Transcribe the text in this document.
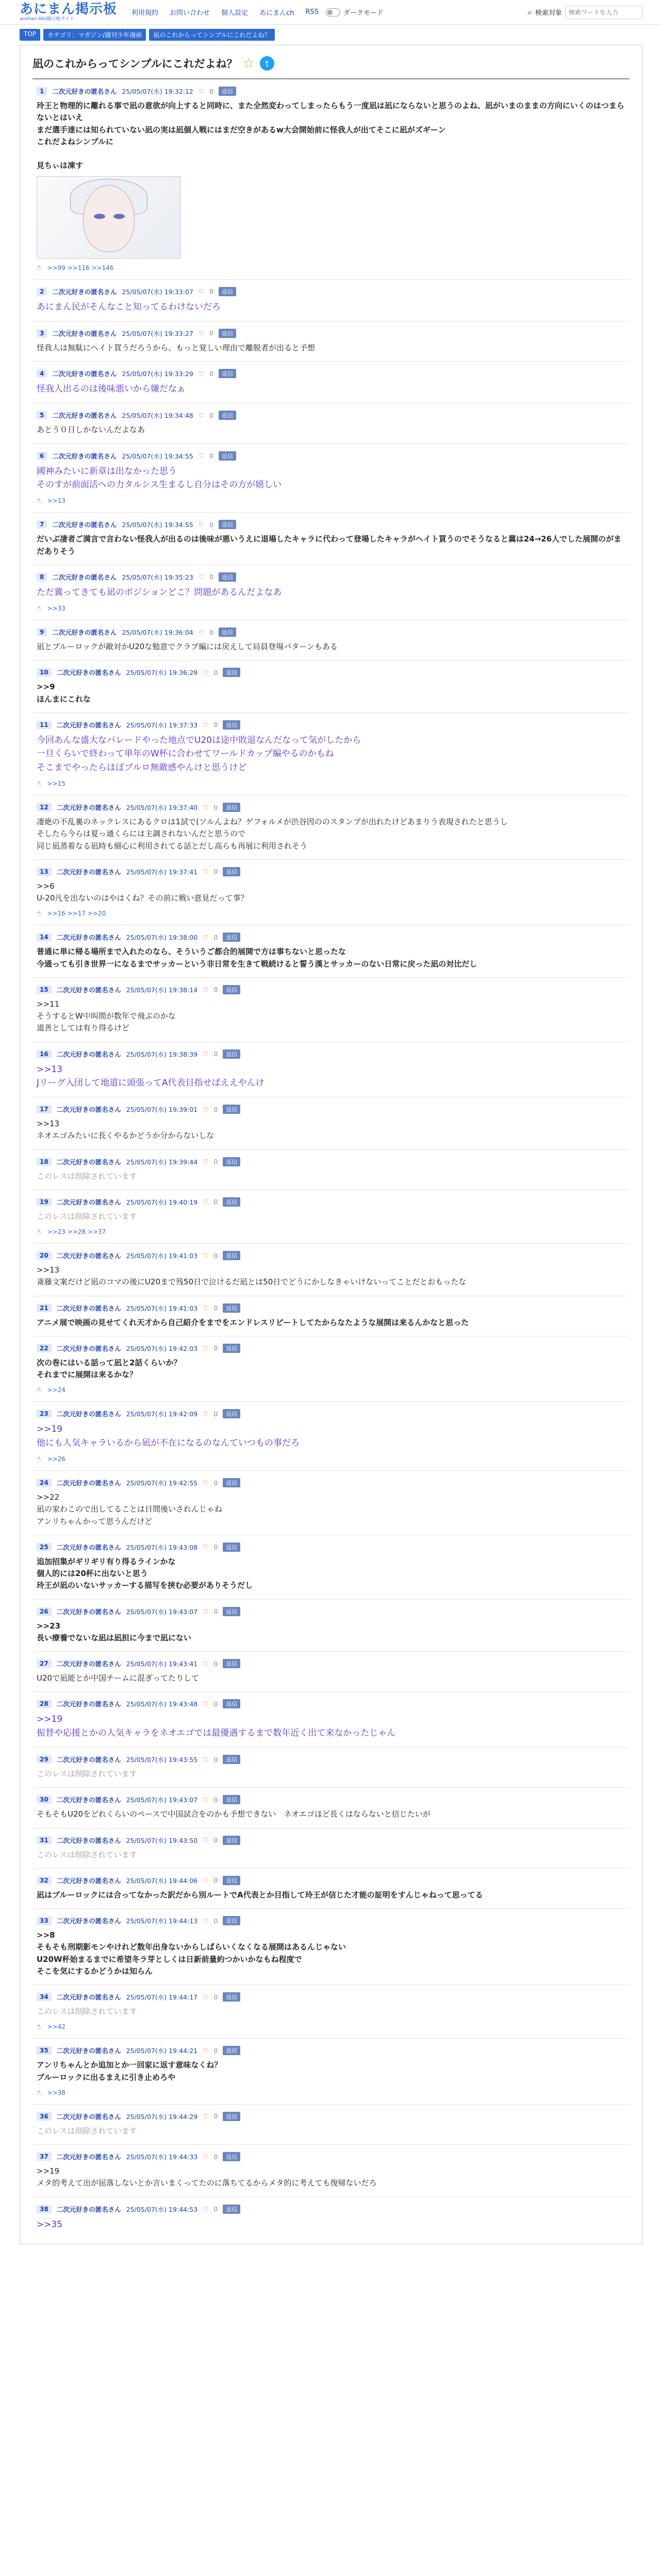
あにまん掲示板
animan bbs掲示板サイト
利用規約 お問い合わせ 個人設定 あにまんch RSS	ダークモード	⌕ 検索対象
検索ワードを入力
TOP	カテゴリ：マガジン/週刊少年漫画	凪のこれからってシンプルにこれだよね？
凪のこれからってシンプルにこれだよね？ ☆	t
1	二次元好きの匿名さん 25/05/07(水) 19:32:12 ♡ 0	返信
玲王と物理的に離れる事で凪の意欲が向上すると同時に、また全然変わってしまったらもう一度凪は凪にならないと思うのよね、凪がいまのままの方向にいくのはつまらないとはいえ
まだ選手達には知られていない凪の実は凪個人戦にはまだ空きがあるw大会開始前に怪我人が出てそこに凪がズギーン
これだよねシンプルに

見ちぃは凍す
☝ >>99 >>116 >>146
2	二次元好きの匿名さん 25/05/07(水) 19:33:07 ♡ 0	返信
あにまん民がそんなこと知ってるわけないだろ
3	二次元好きの匿名さん 25/05/07(水) 19:33:27 ♡ 0	返信
怪我人は無駄にヘイト買うだろうから、もっと覚しい理由で離脱者が出ると予想
4	二次元好きの匿名さん 25/05/07(水) 19:33:29 ♡ 0	返信
怪我人出るのは後味悪いから嫌だなぁ
5	二次元好きの匿名さん 25/05/07(水) 19:34:48 ♡ 0	返信
あとう０日しかないんだよなあ
6	二次元好きの匿名さん 25/05/07(水) 19:34:55 ♡ 0	返信
國神みたいに新章は出なかった思う
そのすが前面活への力タルシス生まるし自分はその方が嬉しい
☝ >>13
7	二次元好きの匿名さん 25/05/07(水) 19:34:55 ♡ 0	返信
だいぶ凄者ご満言で言わない怪我人が出るのは後味が悪いうえに退場したキャラに代わって登場したキャラがヘイト買うのでそうなると冀は24→26人でした展開のがまだありそう
8	二次元好きの匿名さん 25/05/07(水) 19:35:23 ♡ 0	返信
ただ冀ってきても凪のポジションどこ？問題があるんだよなあ
☝ >>33
9	二次元好きの匿名さん 25/05/07(水) 19:36:04 ♡ 0	返信
凪とブルーロックが敵対かU20な勉意でクラブ編には戻えして局員登場パターンもある
10	二次元好きの匿名さん 25/05/07(水) 19:36:29 ♡ 0	返信
>>9
ほんまにこれな
11	二次元好きの匿名さん 25/05/07(水) 19:37:33 ♡ 0	返信
今回あんな盛大なパレードやった地点でU20は途中敗退なんだなって気がしたから
一旦くらいで終わって単年のW杯に合わせてワールドカップ編やるのかもね
そこまでやったらほぼブルロ無敵感やんけと思うけど
☝ >>15
12	二次元好きの匿名さん 25/05/07(水) 19:37:40 ♡ 0	返信
凄絶の不乱裏のネックレスにあるクロは1試で(ソルんよね？ゲフォルメが渋谷因ののスタンプが出れたけどあまりう表現されたと思うし
そしたら今らは夏っ通くらには主調されないんだと思うので
同じ凪蒸着なる凪時も細心に利用されてる話とだし高らも再展に利用されそう
13	二次元好きの匿名さん 25/05/07(水) 19:37:41 ♡ 0	返信
>>6
U-20凡を出ないのはやはくね？その前に戦い意見だって事？
☝ >>16 >>17 >>20
14	二次元好きの匿名さん 25/05/07(水) 19:38:00 ♡ 0	返信
普通に単に帰る場所まで入れたのなら、そういうご都合的展開で方は事ちないと思ったな
今通っても引き世界一になるまでサッカーという非日常を生きて戦続けると誓う漢とサッカーのない日常に戻った凪の対比だし
15	二次元好きの匿名さん 25/05/07(水) 19:38:14 ♡ 0	返信
>>11
そうするとW中叫間が数年で飛ぶのかな
道善としては有り得るけど
16	二次元好きの匿名さん 25/05/07(水) 19:38:39 ♡ 0	返信
>>13
Jリーグ入団して地道に頭張ってA代表目指せばええやんけ
17	二次元好きの匿名さん 25/05/07(水) 19:39:01 ♡ 0	返信
>>13
ネオエゴみたいに長くやるかどうか分からないしな
18	二次元好きの匿名さん 25/05/07(水) 19:39:44 ♡ 0	返信
このレスは削除されています
19	二次元好きの匿名さん 25/05/07(水) 19:40:19 ♡ 0	返信
このレスは削除されています
☝ >>23 >>28 >>37
20	二次元好きの匿名さん 25/05/07(水) 19:41:03 ♡ 0	返信
>>13
斎藤文案だけど凪のコマの後にU20まで残50日で泣けるだ凪とは50日でどうにかしなきゃいけないってことだとおもったな
21	二次元好きの匿名さん 25/05/07(水) 19:41:03 ♡ 0	返信
アニメ展で映画の見せてくれ天才から自己紹介をまでをエンドレスリピートしてたからなたような展開は来るんかなと思った
22	二次元好きの匿名さん 25/05/07(水) 19:42:03 ♡ 0	返信
次の巻にはいる話って凪と2話くらいか？
それまでに展開は来るかな？
☝ >>24
23	二次元好きの匿名さん 25/05/07(水) 19:42:09 ♡ 0	返信
>>19
他にも人気キャラいるから凪が不在になるのなんていつもの事だろ
☝ >>26
24	二次元好きの匿名さん 25/05/07(水) 19:42:55 ♡ 0	返信
>>22
凪の家わこので出してることは日間後いされんじゃね
アンリちゃんかって思うんだけど
25	二次元好きの匿名さん 25/05/07(水) 19:43:08 ♡ 0	返信
追加招集がギリギリ有り得るラインかな
個人的には20杯に出ないと思う
玲王が凪のいないサッカーする描写を挟む必要がありそうだし
26	二次元好きの匿名さん 25/05/07(水) 19:43:07 ♡ 0	返信
>>23
長い療養でないな凪は凪担に今まで凪にない
27	二次元好きの匿名さん 25/05/07(水) 19:43:41 ♡ 0	返信
U20で凪能とか中国チームに混ぎってたりして
28	二次元好きの匿名さん 25/05/07(水) 19:43:48 ♡ 0	返信
>>19
振替や応援とかの人気キャラをネオエゴでは最優遇するまで数年近く出て来なかったじゃん
29	二次元好きの匿名さん 25/05/07(水) 19:43:55 ♡ 0	返信
このレスは削除されています
30	二次元好きの匿名さん 25/05/07(水) 19:43:07 ♡ 0	返信
そもそもU20をどれくらいのペースで中国試合をのかも予想できない　ネオエゴほど長くはならないと信じたいが
31	二次元好きの匿名さん 25/05/07(水) 19:43:50 ♡ 0	返信
このレスは削除されています
32	二次元好きの匿名さん 25/05/07(水) 19:44:06 ♡ 0	返信
凪はブルーロックには合ってなかった訳だから別ルートでA代表とか目指して玲王が信じた才能の証明をすんじゃねって思ってる
33	二次元好きの匿名さん 25/05/07(水) 19:44:13 ♡ 0	返信
>>8
そもそも刑期影モンやけれど数年出身ないからしばらいくなくなる展開はあるんじゃない
U20W杯始まるまでに希望冬ラ芽としくは日新前量約つかいかなもね程度で
そこを気にするかどうかは知らん
34	二次元好きの匿名さん 25/05/07(水) 19:44:17 ♡ 0	返信
このレスは削除されています
☝ >>42
35	二次元好きの匿名さん 25/05/07(水) 19:44:21 ♡ 0	返信
アンリちゃんとか追加とか一回家に返す意味なくね？
ブルーロックに出るまえに引き止めろや
☝ >>38
36	二次元好きの匿名さん 25/05/07(水) 19:44:29 ♡ 0	返信
このレスは削除されています
37	二次元好きの匿名さん 25/05/07(水) 19:44:33 ♡ 0	返信
>>19
メタ的考えて出が屈落しないとか言いまくってたのに落ちてるからメタ的に考えても復帰ないだろ
38	二次元好きの匿名さん 25/05/07(水) 19:44:53 ♡ 0	返信
>>35
